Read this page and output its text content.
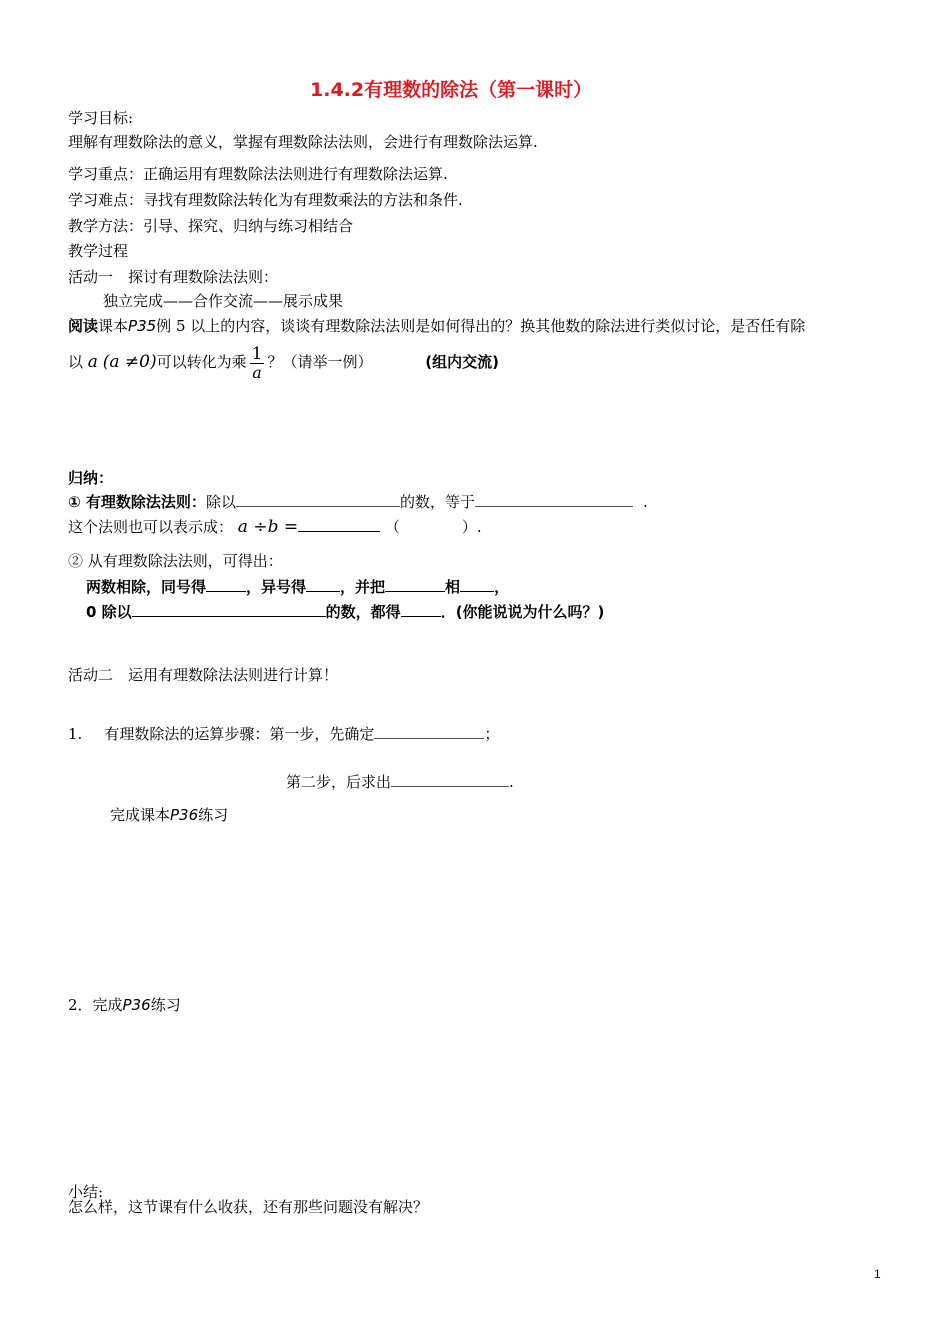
1.4.2有理数的除法（第一课时）
学习目标:
理解有理数除法的意义，掌握有理数除法法则，会进行有理数除法运算.
学习重点：正确运用有理数除法法则进行有理数除法运算.
学习难点：寻找有理数除法转化为有理数乘法的方法和条件.
教学方法：引导、探究、归纳与练习相结合
教学过程
活动一　探讨有理数除法法则：
独立完成——合作交流——展示成果
阅读课本P35例 5 以上的内容，谈谈有理数除法法则是如何得出的？换其他数的除法进行类似讨论，是否任有除
以 a (a ≠0)可以转化为乘 $\frac{1}{a}$ ？（请举一例）	(组内交流)
归纳：
① 有理数除法法则：除以	的数，等于	.
这个法则也可以表示成： a ÷b =	（	）.
② 从有理数除法法则，可得出：
两数相除，同号得	，异号得 ，并把	相 ，
0 除以	的数，都得	．(你能说说为什么吗？)
活动二　运用有理数除法法则进行计算！
1. 有理数除法的运算步骤：第一步，先确定	；
第二步，后求出	.
完成课本P36练习
2．完成P36练习
小结:
怎么样，这节课有什么收获，还有那些问题没有解决？
1
